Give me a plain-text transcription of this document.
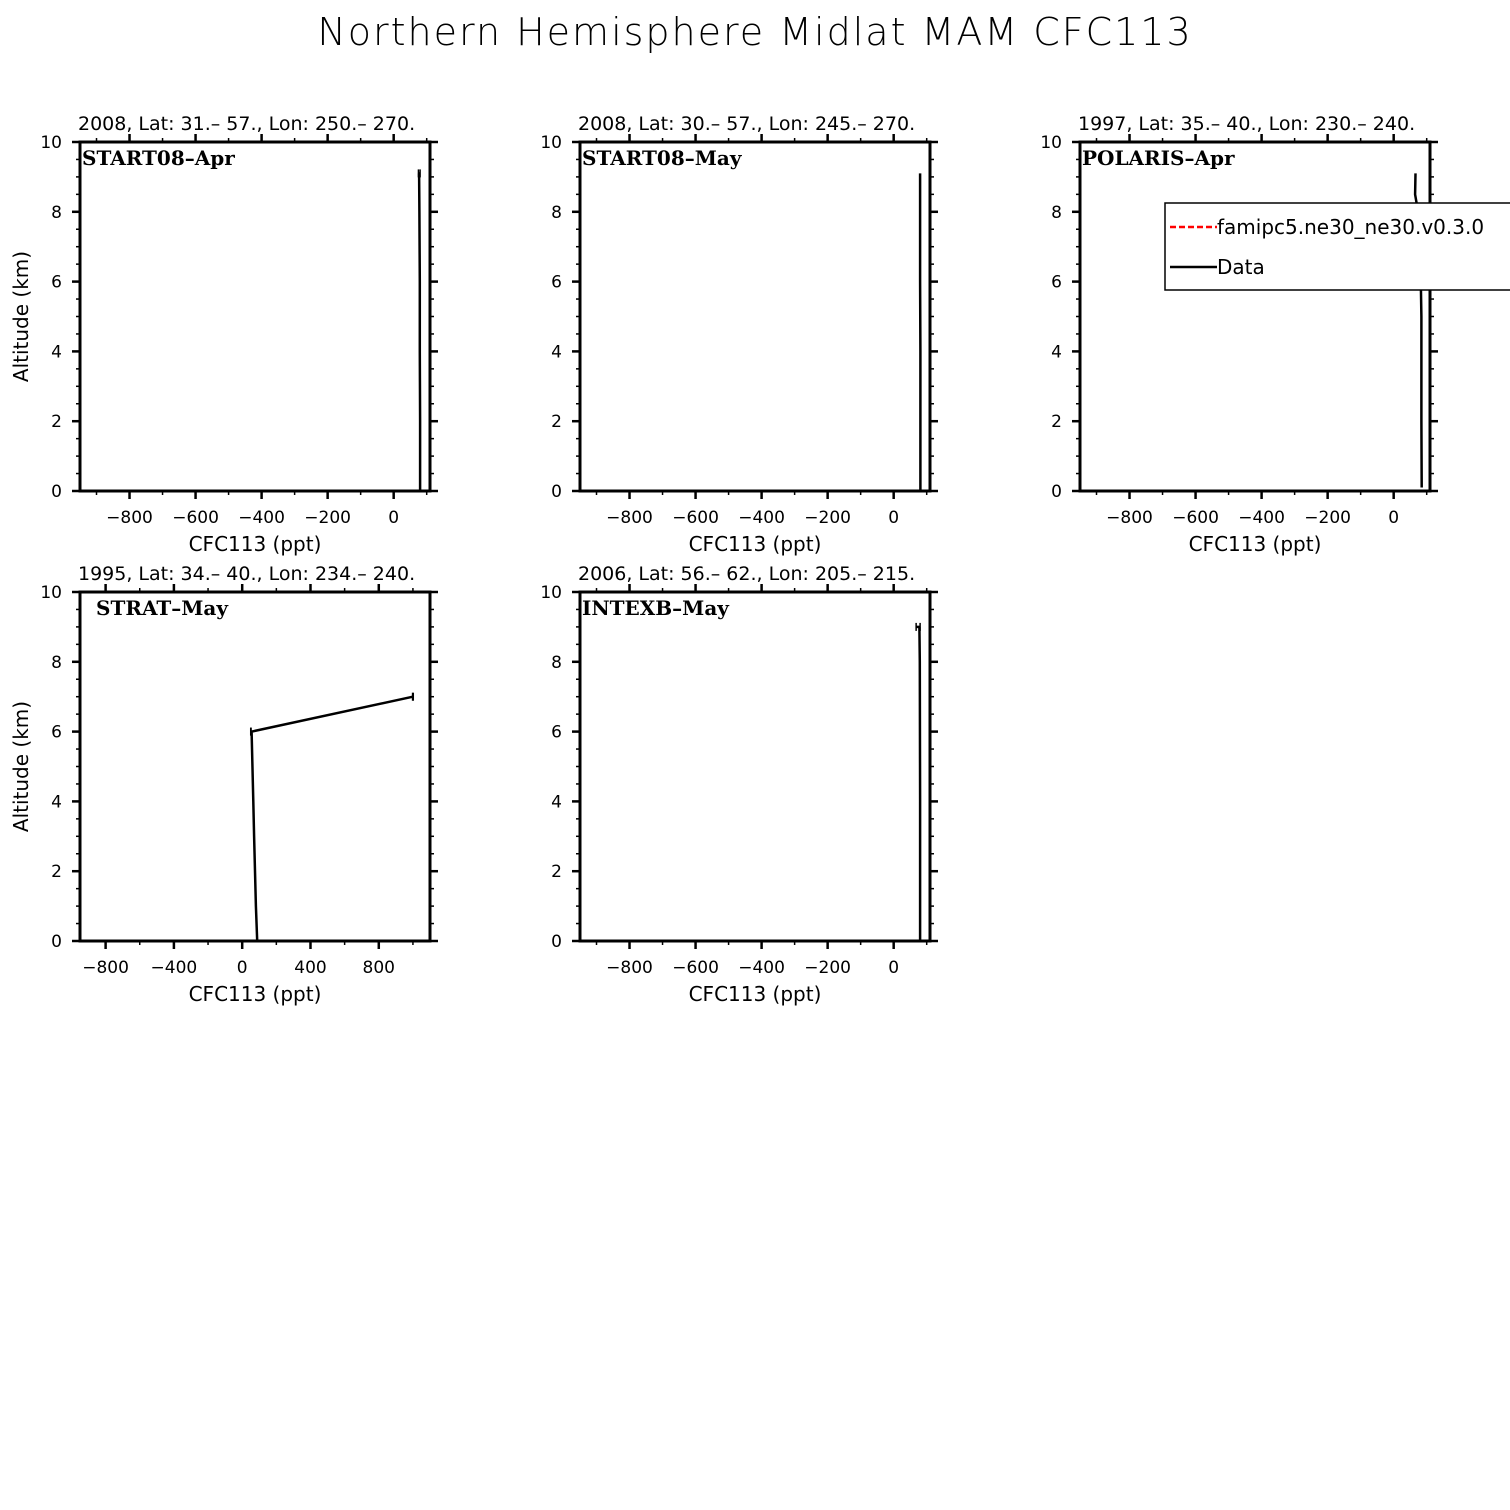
Northern Hemisphere Midlat MAM CFC113
0
2
4
6
8
10
−800 −600 −400 −200 0
CFC113 (ppt)
Altitude (km)
2008, Lat: 31.– 57., Lon: 250.– 270.
START08–Apr
0
2
4
6
8
10
−800 −600 −400 −200 0
CFC113 (ppt)
2008, Lat: 30.– 57., Lon: 245.– 270.
START08–May
0
2
4
6
8
10
−800 −600 −400 −200 0
CFC113 (ppt)
1997, Lat: 35.– 40., Lon: 230.– 240.
POLARIS–Apr
famipc5.ne30_ne30.v0.3.0
Data
0
2
4
6
8
10
−800 −400 0	400 800
CFC113 (ppt)
Altitude (km)
1995, Lat: 34.– 40., Lon: 234.– 240.
STRAT–May
0
2
4
6
8
10
−800 −600 −400 −200 0
CFC113 (ppt)
2006, Lat: 56.– 62., Lon: 205.– 215.
INTEXB–May
